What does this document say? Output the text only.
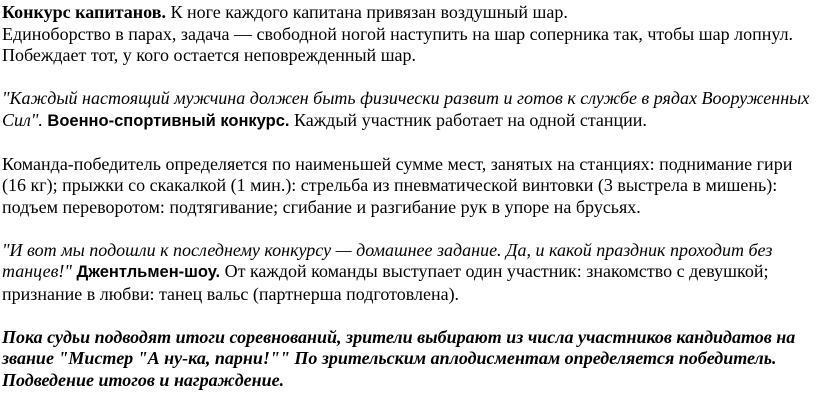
Конкурс капитанов. К ноге каждого капитана привязан воздушный шар.
Единоборство в парах, задача — свободной ногой наступить на шар соперника так, чтобы шар лопнул.
Побеждает тот, у кого остается неповрежденный шар.

"Каждый настоящий мужчина должен быть физически развит и готов к службе в рядах Вооруженных Сил". Военно-спортивный конкурс. Каждый участник работает на одной станции.

Команда-победитель определяется по наименьшей сумме мест, занятых на станциях: поднимание гири (16 кг); прыжки со скакалкой (1 мин.): стрельба из пневматической винтовки (3 выстрела в мишень): подъем переворотом: подтягивание; сгибание и разгибание рук в упоре на брусьях.

"И вот мы подошли к последнему конкурсу — домашнее задание. Да, и какой праздник проходит без танцев!" Джентльмен-шоу. От каждой команды выступает один участник: знакомство с девушкой; признание в любви: танец вальс (партнерша подготовлена).

Пока судьи подводят итоги соревнований, зрители выбирают из числа участников кандидатов на звание "Мистер "А ну-ка, парни!"" По зрительским аплодисментам определяется победитель. Подведение итогов и награждение.
